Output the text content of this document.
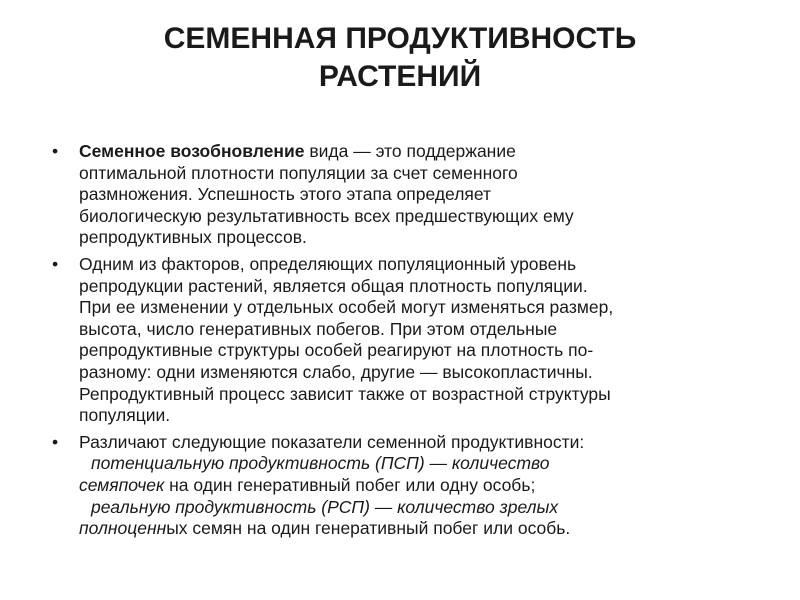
СЕМЕННАЯ ПРОДУКТИВНОСТЬ
РАСТЕНИЙ
•	Семенное возобновление вида — это поддержание
оптимальной плотности популяции за счет семенного
размножения. Успешность этого этапа определяет
биологическую результативность всех предшествующих ему
репродуктивных процессов.
•	Одним из факторов, определяющих популяционный уровень
репродукции растений, является общая плотность популяции.
При ее изменении у отдельных особей могут изменяться размер,
высота, число генеративных побегов. При этом отдельные
репродуктивные структуры особей реагируют на плотность по-
разному: одни изменяются слабо, другие — высокопластичны.
Репродуктивный процесс зависит также от возрастной структуры
популяции.
•	Различают следующие показатели семенной продуктивности:
потенциальную продуктивность (ПСП) — количество
семяпочек на один генеративный побег или одну особь;
реальную продуктивность (РСП) — количество зрелых
полноценных семян на один генеративный побег или особь.
